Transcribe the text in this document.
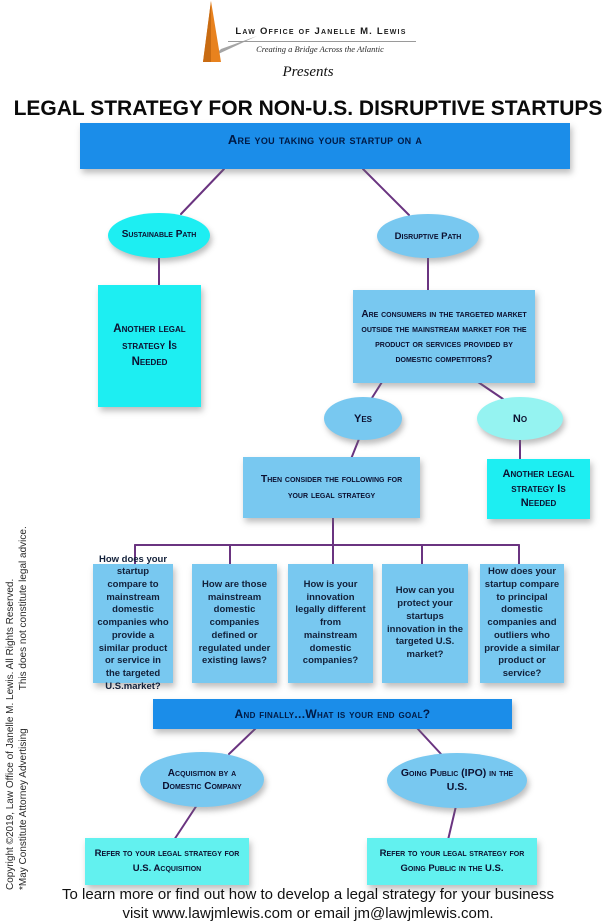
Law Office of Janelle M. Lewis
Creating a Bridge Across the Atlantic
Presents
LEGAL STRATEGY FOR NON-U.S. DISRUPTIVE STARTUPS
Are you taking your startup on a
Sustainable Path	Disruptive Path
Another legal strategy Is Needed
Are consumers in the targeted market outside the mainstream market for the product or services provided by domestic competitors?
Yes	No
Then consider the following for your legal strategy
Another legal strategy Is Needed
How does your startup compare to mainstream domestic companies who provide a similar product or service in the targeted U.S.market?
How are those mainstream domestic companies defined or regulated under existing laws?
How is your innovation legally different from mainstream domestic companies?
How can you protect your startups innovation in the targeted U.S. market?
How does your startup compare to principal domestic companies and outliers who provide a similar product or service?
And finally...What is your end goal?
Acquisition by a Domestic Company
Going Public (IPO) in the U.S.
Refer to your legal strategy for U.S. Acquisition
Refer to your legal strategy for Going Public in the U.S.
To learn more or find out how to develop a legal strategy for your business visit www.lawjmlewis.com or email jm@lawjmlewis.com.
Copyright ©2019, Law Office of Janelle M. Lewis. All Rights Reserved. *May Constitute Attorney AdvertisingThis does not constitute legal advice.
